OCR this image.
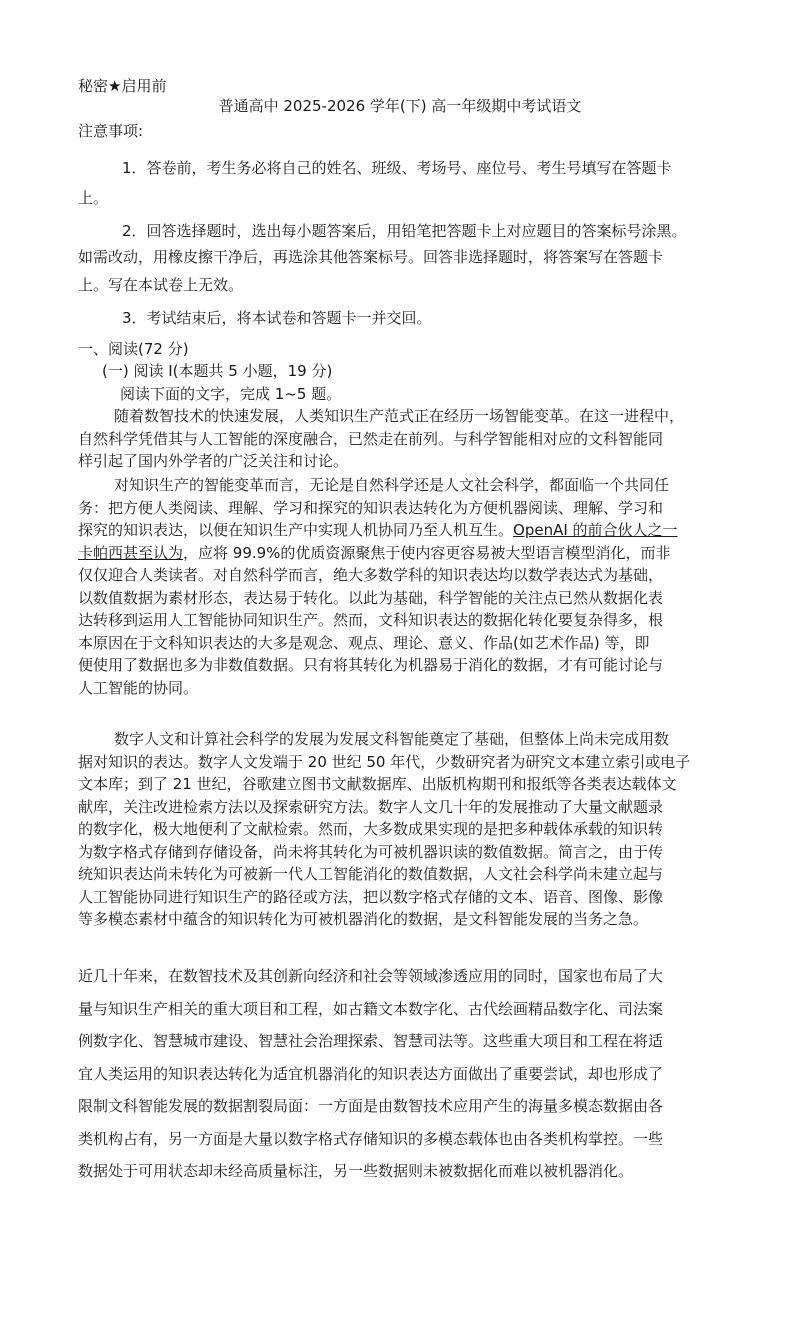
秘密★启用前
普通高中 2025-2026 学年(下) 高一年级期中考试语文
注意事项:
1．答卷前，考生务必将自己的姓名、班级、考场号、座位号、考生号填写在答题卡
上。
2．回答选择题时，选出每小题答案后，用铅笔把答题卡上对应题目的答案标号涂黑。
如需改动，用橡皮擦干净后，再选涂其他答案标号。回答非选择题时，将答案写在答题卡
上。写在本试卷上无效。
3．考试结束后，将本试卷和答题卡一并交回。
一、阅读(72 分)
(一) 阅读 I(本题共 5 小题，19 分)
阅读下面的文字，完成 1~5 题。
随着数智技术的快速发展，人类知识生产范式正在经历一场智能变革。在这一进程中，
自然科学凭借其与人工智能的深度融合，已然走在前列。与科学智能相对应的文科智能同
样引起了国内外学者的广泛关注和讨论。
对知识生产的智能变革而言，无论是自然科学还是人文社会科学，都面临一个共同任
务：把方便人类阅读、理解、学习和探究的知识表达转化为方便机器阅读、理解、学习和
探究的知识表达，以便在知识生产中实现人机协同乃至人机互生。OpenAI 的前合伙人之一
卡帕西甚至认为，应将 99.9%的优质资源聚焦于使内容更容易被大型语言模型消化，而非
仅仅迎合人类读者。对自然科学而言，绝大多数学科的知识表达均以数学表达式为基础，
以数值数据为素材形态，表达易于转化。以此为基础，科学智能的关注点已然从数据化表
达转移到运用人工智能协同知识生产。然而，文科知识表达的数据化转化要复杂得多，根
本原因在于文科知识表达的大多是观念、观点、理论、意义、作品(如艺术作品) 等，即
便使用了数据也多为非数值数据。只有将其转化为机器易于消化的数据，才有可能讨论与
人工智能的协同。
数字人文和计算社会科学的发展为发展文科智能奠定了基础，但整体上尚未完成用数
据对知识的表达。数字人文发端于 20 世纪 50 年代，少数研究者为研究文本建立索引或电子
文本库；到了 21 世纪，谷歌建立图书文献数据库、出版机构期刊和报纸等各类表达载体文
献库，关注改进检索方法以及探索研究方法。数字人文几十年的发展推动了大量文献题录
的数字化，极大地便利了文献检索。然而，大多数成果实现的是把多种载体承载的知识转
为数字格式存储到存储设备，尚未将其转化为可被机器识读的数值数据。简言之，由于传
统知识表达尚未转化为可被新一代人工智能消化的数值数据，人文社会科学尚未建立起与
人工智能协同进行知识生产的路径或方法，把以数字格式存储的文本、语音、图像、影像
等多模态素材中蕴含的知识转化为可被机器消化的数据，是文科智能发展的当务之急。
近几十年来，在数智技术及其创新向经济和社会等领域渗透应用的同时，国家也布局了大
量与知识生产相关的重大项目和工程，如古籍文本数字化、古代绘画精品数字化、司法案
例数字化、智慧城市建设、智慧社会治理探索、智慧司法等。这些重大项目和工程在将适
宜人类运用的知识表达转化为适宜机器消化的知识表达方面做出了重要尝试，却也形成了
限制文科智能发展的数据割裂局面：一方面是由数智技术应用产生的海量多模态数据由各
类机构占有，另一方面是大量以数字格式存储知识的多模态载体也由各类机构掌控。一些
数据处于可用状态却未经高质量标注，另一些数据则未被数据化而难以被机器消化。
